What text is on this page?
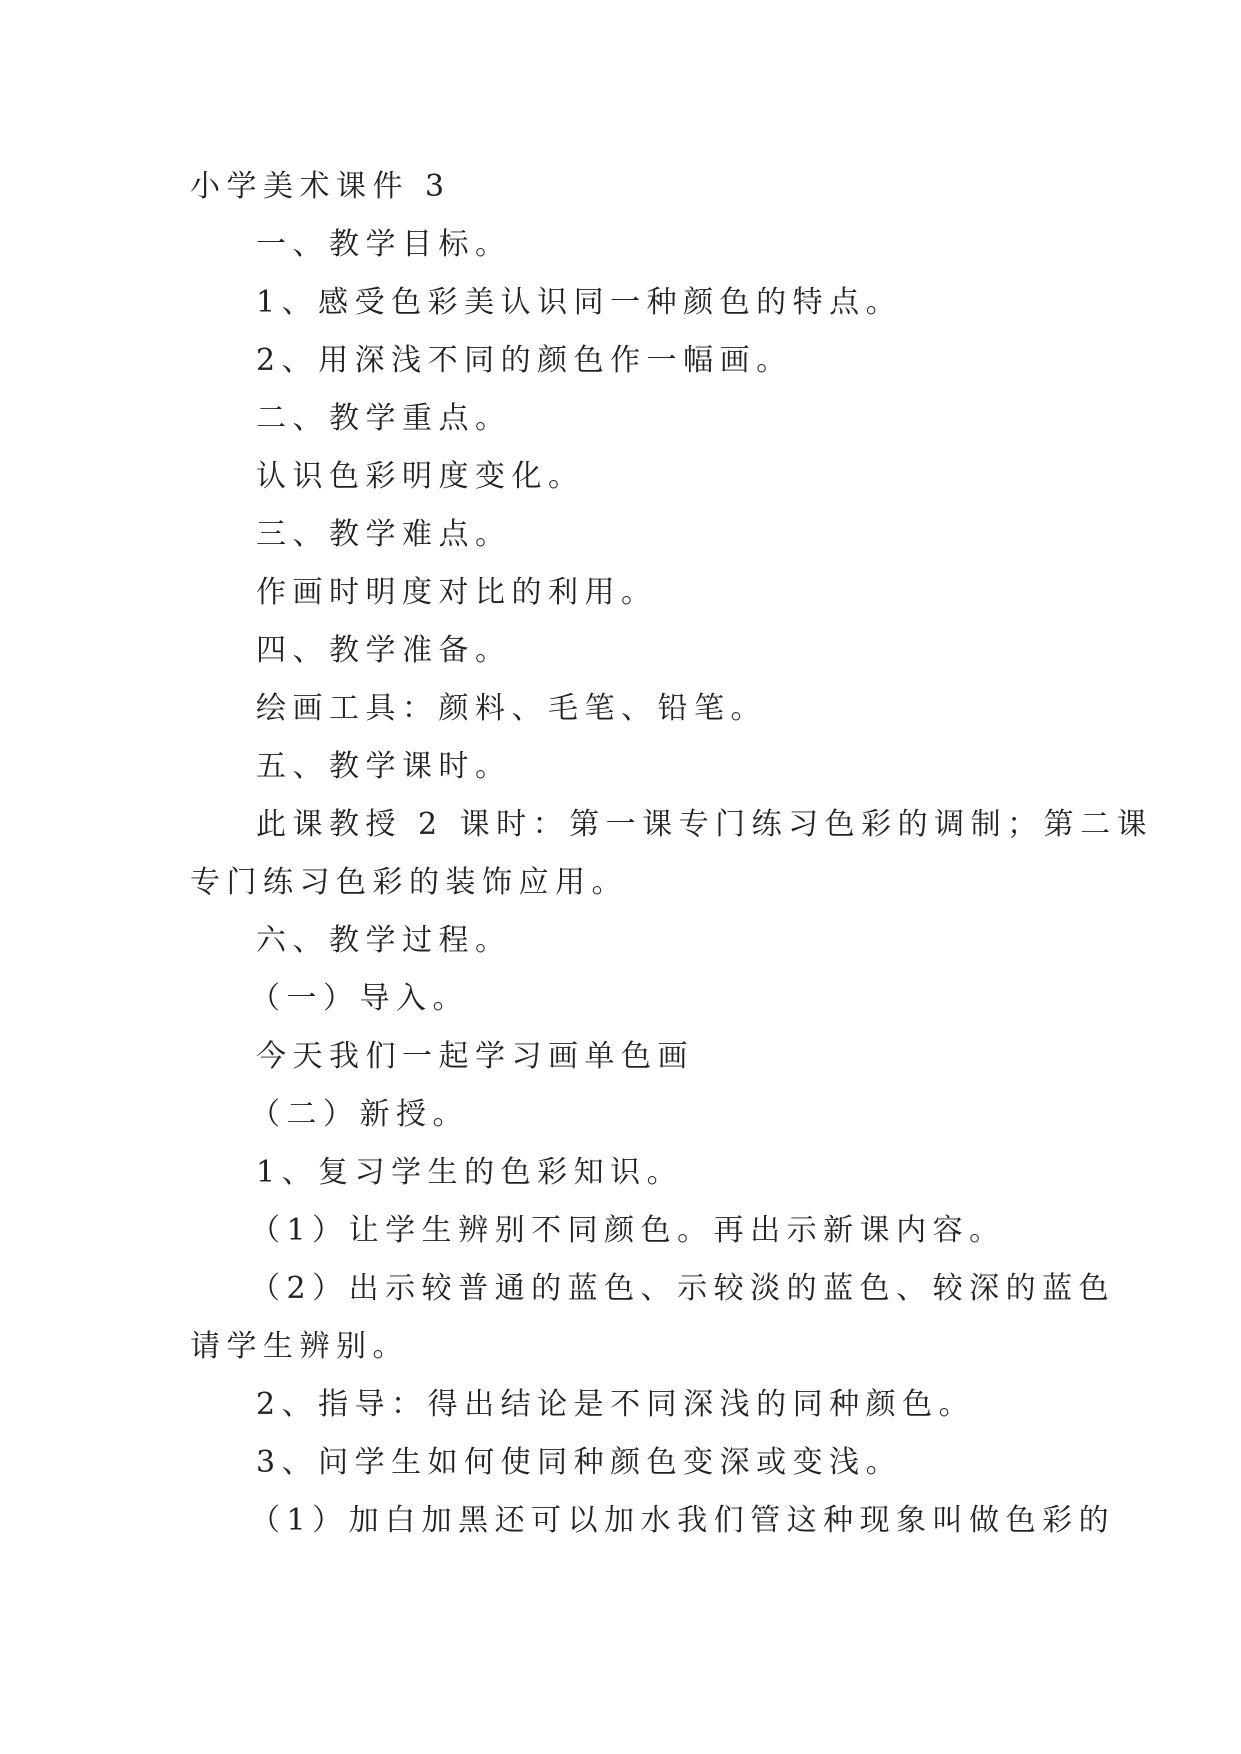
小学美术课件 3
一、教学目标。
1、感受色彩美认识同一种颜色的特点。
2、用深浅不同的颜色作一幅画。
二、教学重点。
认识色彩明度变化。
三、教学难点。
作画时明度对比的利用。
四、教学准备。
绘画工具：颜料、毛笔、铅笔。
五、教学课时。
此课教授 2 课时：第一课专门练习色彩的调制；第二课
专门练习色彩的装饰应用。
六、教学过程。
（一）导入。
今天我们一起学习画单色画
（二）新授。
1、复习学生的色彩知识。
（1）让学生辨别不同颜色。再出示新课内容。
（2）出示较普通的蓝色、示较淡的蓝色、较深的蓝色
请学生辨别。
2、指导：得出结论是不同深浅的同种颜色。
3、问学生如何使同种颜色变深或变浅。
（1）加白加黑还可以加水我们管这种现象叫做色彩的
